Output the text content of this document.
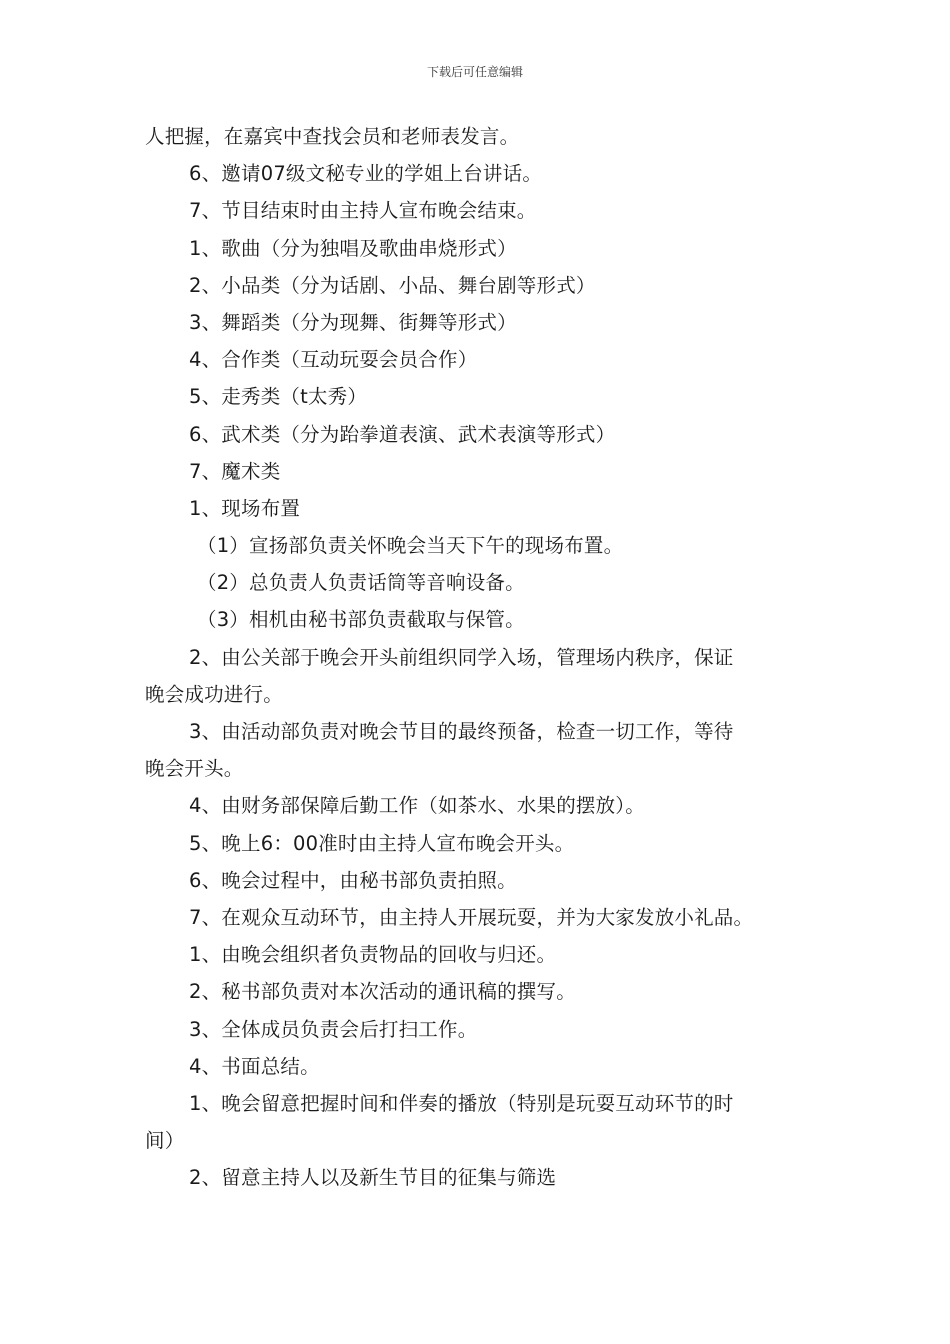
下载后可任意编辑
人把握，在嘉宾中查找会员和老师表发言。
6、邀请07级文秘专业的学姐上台讲话。
7、节目结束时由主持人宣布晚会结束。
1、歌曲（分为独唱及歌曲串烧形式）
2、小品类（分为话剧、小品、舞台剧等形式）
3、舞蹈类（分为现舞、街舞等形式）
4、合作类（互动玩耍会员合作）
5、走秀类（t太秀）
6、武术类（分为跆拳道表演、武术表演等形式）
7、魔术类
1、现场布置
（1）宣扬部负责关怀晚会当天下午的现场布置。
（2）总负责人负责话筒等音响设备。
（3）相机由秘书部负责截取与保管。
2、由公关部于晚会开头前组织同学入场，管理场内秩序，保证
晚会成功进行。
3、由活动部负责对晚会节目的最终预备，检查一切工作，等待
晚会开头。
4、由财务部保障后勤工作（如茶水、水果的摆放）。
5、晚上6：00准时由主持人宣布晚会开头。
6、晚会过程中，由秘书部负责拍照。
7、在观众互动环节，由主持人开展玩耍，并为大家发放小礼品。
1、由晚会组织者负责物品的回收与归还。
2、秘书部负责对本次活动的通讯稿的撰写。
3、全体成员负责会后打扫工作。
4、书面总结。
1、晚会留意把握时间和伴奏的播放（特别是玩耍互动环节的时
间）
2、留意主持人以及新生节目的征集与筛选
